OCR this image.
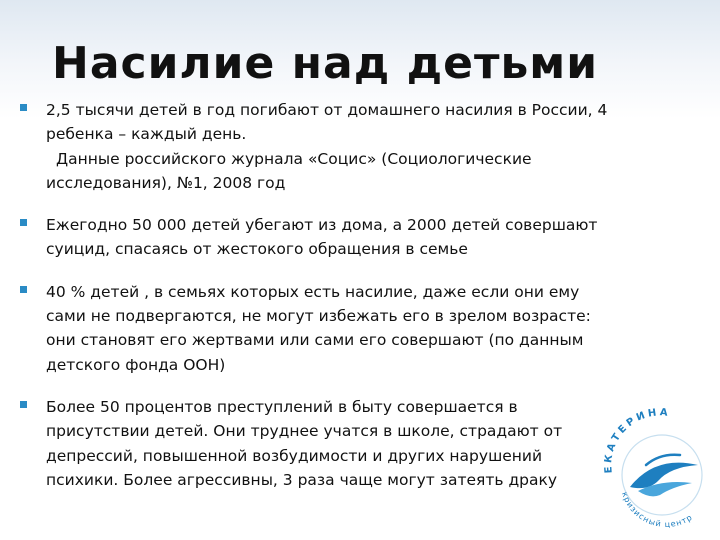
Насилие над детьми

2,5 тысячи детей в год погибают от домашнего насилия в России, 4

ребенка – каждый день.

Данные российского журнала «Социс» (Социологические

исследования), №1, 2008 год

Ежегодно 50 000 детей убегают из дома, а 2000 детей совершают

суицид, спасаясь от жестокого обращения в семье

40 % детей , в семьях которых есть насилие, даже если они ему

сами не подвергаются, не могут избежать его в зрелом возрасте:

они становят его жертвами или сами его совершают (по данным

детского фонда ООН)

Более 50 процентов преступлений в быту совершается в

присутствии детей. Они труднее учатся в школе, страдают от

депрессий, повышенной возбудимости и других нарушений

психики. Более агрессивны, 3 раза чаще могут затеять драку

ЕКАТЕРИНА
кризисный центр
